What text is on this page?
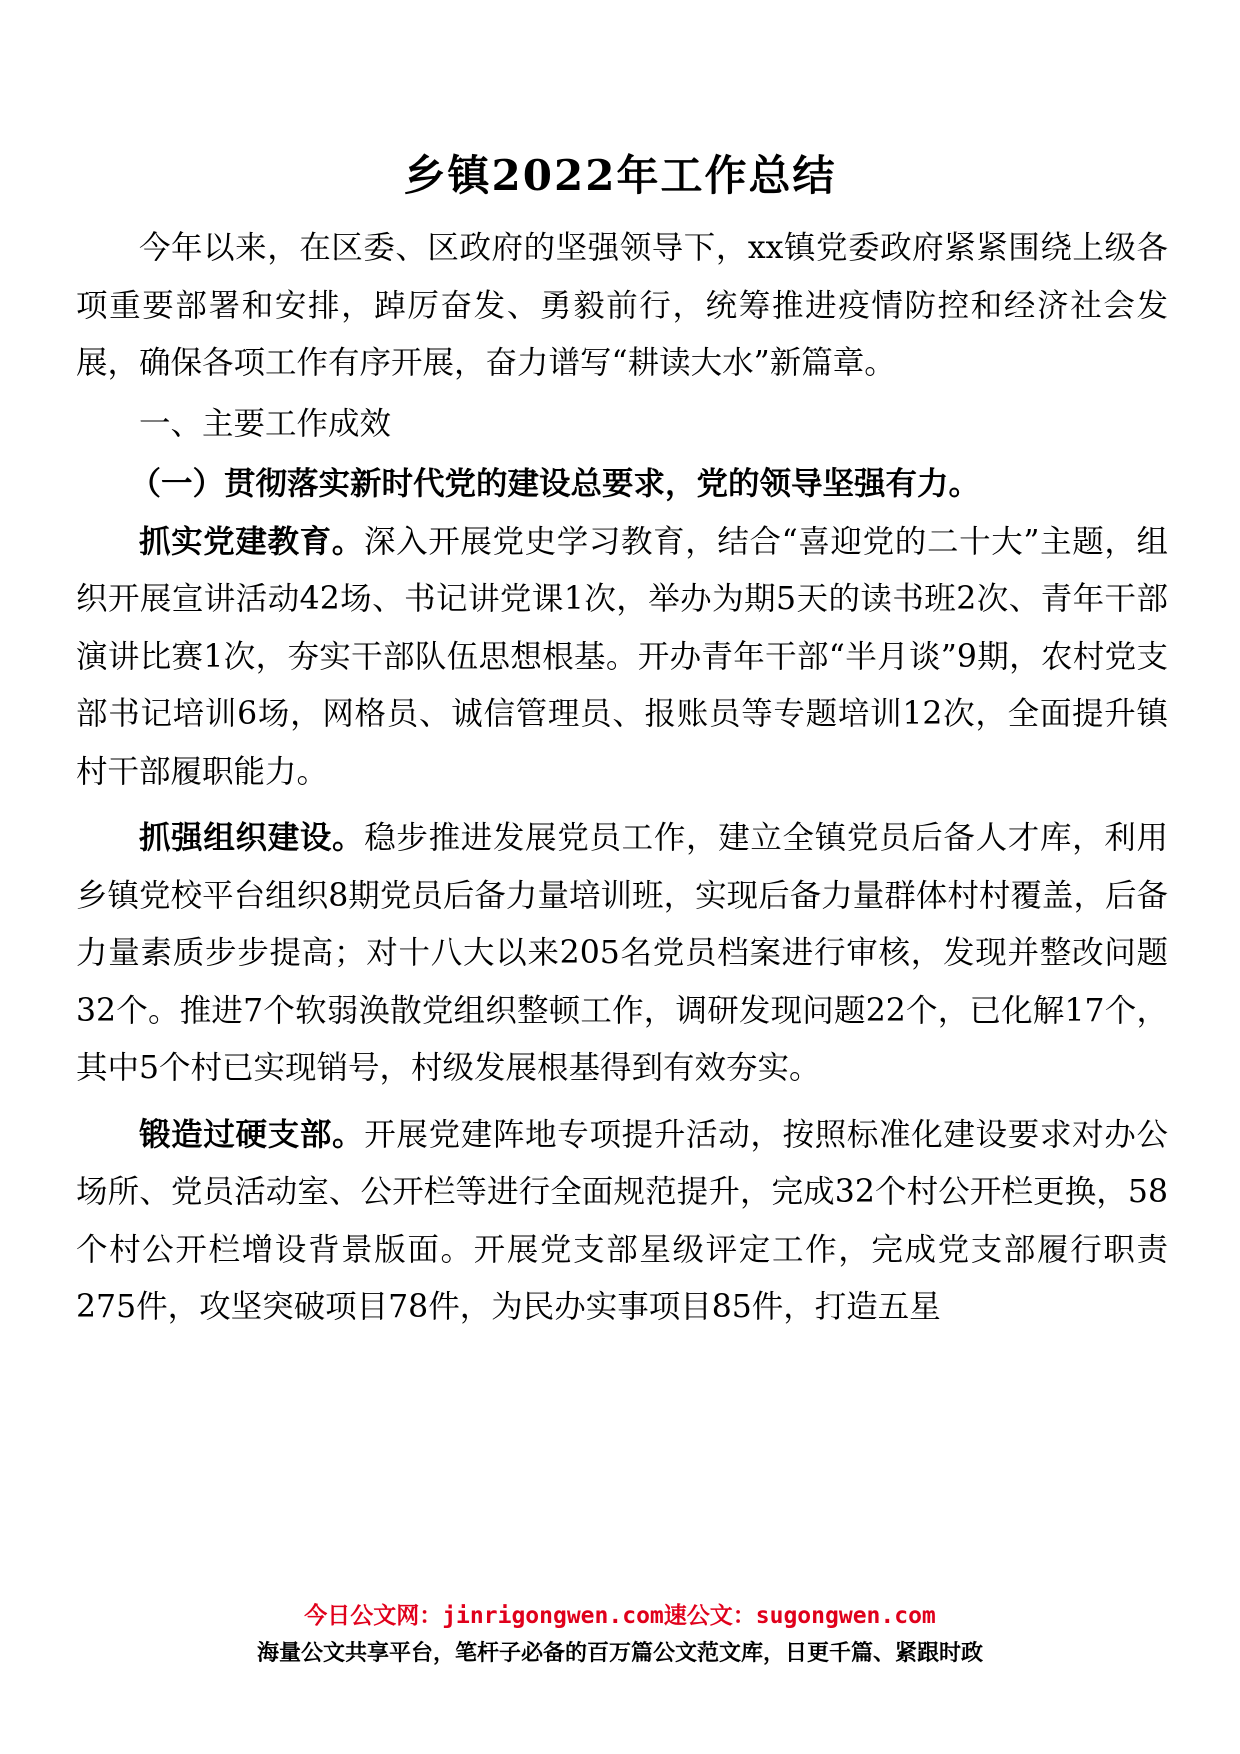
乡镇2022年工作总结

今年以来，在区委、区政府的坚强领导下，xx镇党委政府紧紧围绕上级各项重要部署和安排，踔厉奋发、勇毅前行，统筹推进疫情防控和经济社会发展，确保各项工作有序开展，奋力谱写“耕读大水”新篇章。

一、主要工作成效

（一）贯彻落实新时代党的建设总要求，党的领导坚强有力。

抓实党建教育。深入开展党史学习教育，结合“喜迎党的二十大”主题，组织开展宣讲活动42场、书记讲党课1次，举办为期5天的读书班2次、青年干部演讲比赛1次，夯实干部队伍思想根基。开办青年干部“半月谈”9期，农村党支部书记培训6场，网格员、诚信管理员、报账员等专题培训12次，全面提升镇村干部履职能力。

抓强组织建设。稳步推进发展党员工作，建立全镇党员后备人才库，利用乡镇党校平台组织8期党员后备力量培训班，实现后备力量群体村村覆盖，后备力量素质步步提高；对十八大以来205名党员档案进行审核，发现并整改问题32个。推进7个软弱涣散党组织整顿工作，调研发现问题22个，已化解17个，其中5个村已实现销号，村级发展根基得到有效夯实。

锻造过硬支部。开展党建阵地专项提升活动，按照标准化建设要求对办公场所、党员活动室、公开栏等进行全面规范提升，完成32个村公开栏更换，58个村公开栏增设背景版面。开展党支部星级评定工作，完成党支部履行职责275件，攻坚突破项目78件，为民办实事项目85件，打造五星

今日公文网：jinrigongwen.com速公文：sugongwen.com
海量公文共享平台，笔杆子必备的百万篇公文范文库，日更千篇、紧跟时政
